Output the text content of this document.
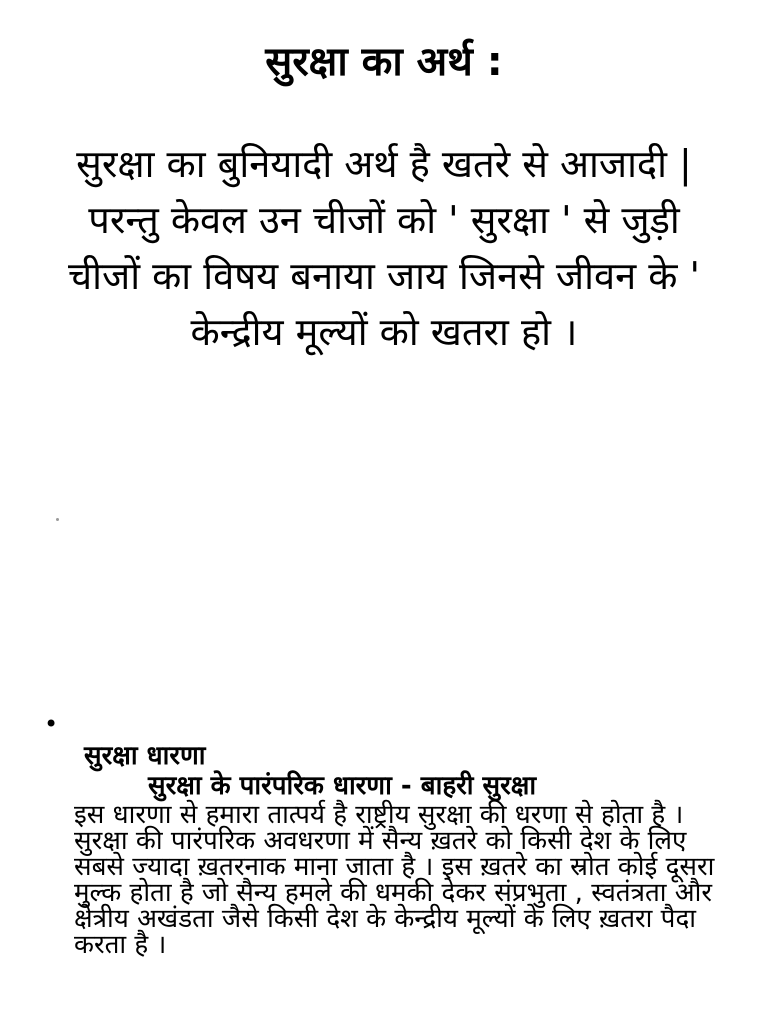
सुरक्षा का अर्थ :

सुरक्षा का बुनियादी अर्थ है खतरे से आजादी | परन्तु केवल उन चीजों को ' सुरक्षा ' से जुड़ी चीजों का विषय बनाया जाय जिनसे जीवन के ' केन्द्रीय मूल्यों को खतरा हो ।

•
सुरक्षा धारणा
सुरक्षा के पारंपरिक धारणा - बाहरी सुरक्षा

इस धारणा से हमारा तात्पर्य है राष्ट्रीय सुरक्षा की धरणा से होता है । सुरक्षा की पारंपरिक अवधरणा में सैन्य ख़तरे को किसी देश के लिए सबसे ज्यादा ख़तरनाक माना जाता है । इस ख़तरे का स्रोत कोई दूसरा मुल्क होता है जो सैन्य हमले की धमकी देकर संप्रभुता , स्वतंत्रता और क्षेत्रीय अखंडता जैसे किसी देश के केन्द्रीय मूल्यों के लिए ख़तरा पैदा करता है ।
